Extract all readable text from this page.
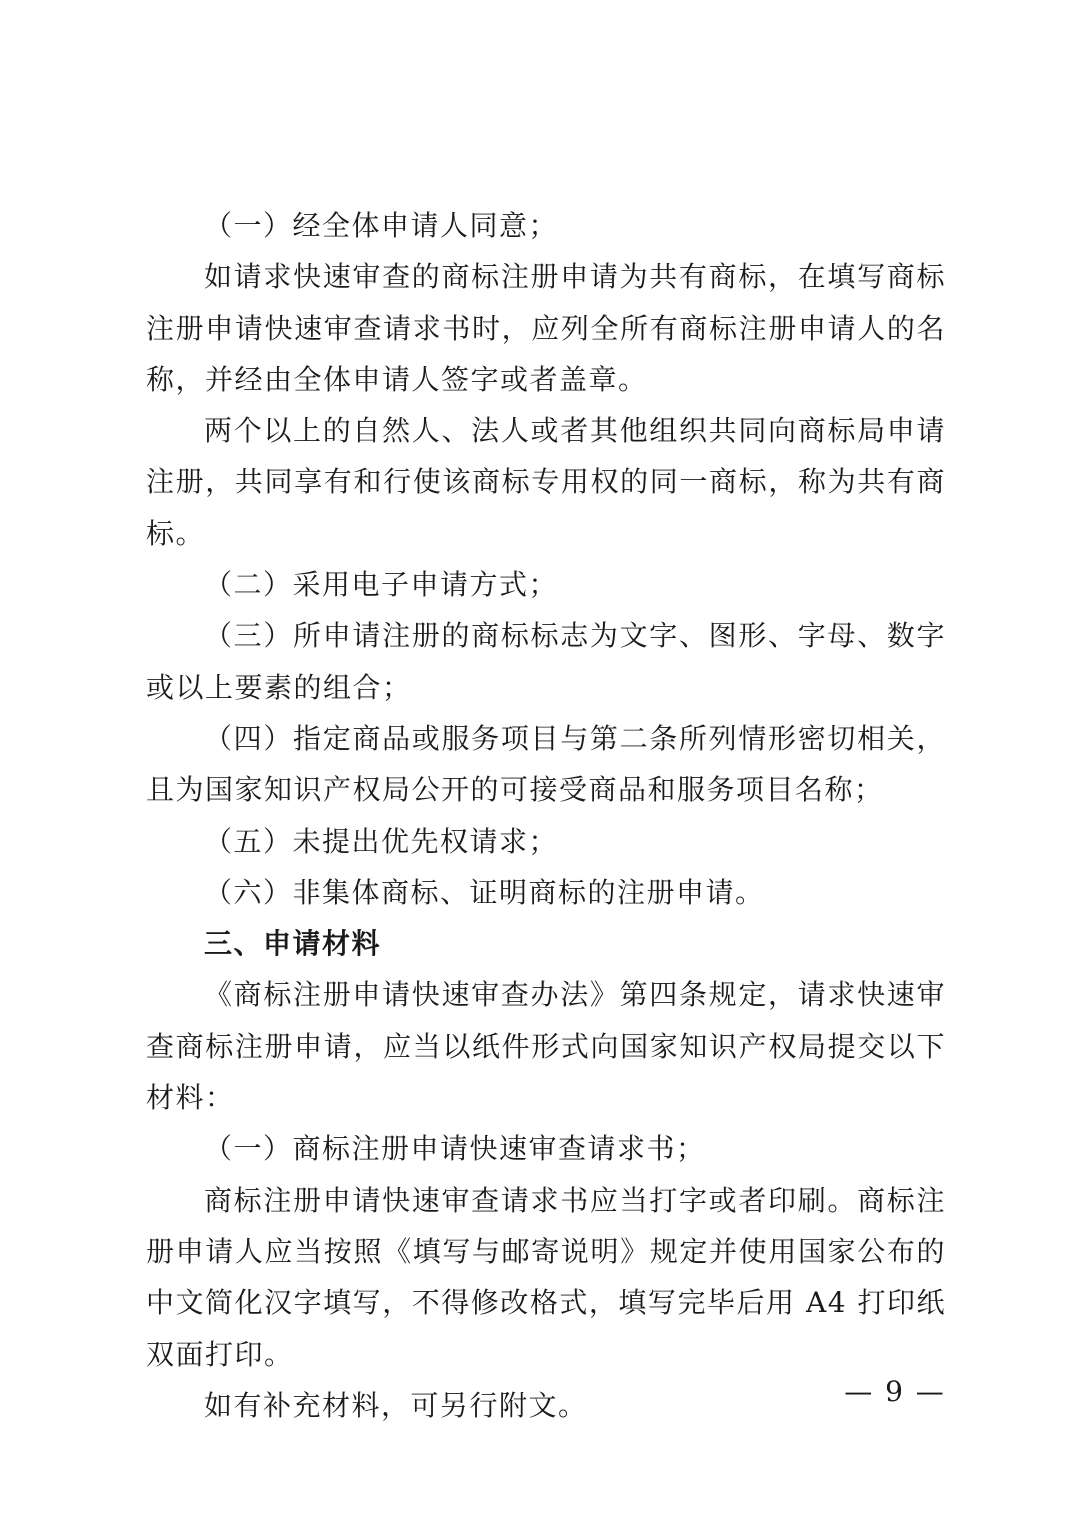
（一）经全体申请人同意；

如请求快速审查的商标注册申请为共有商标，在填写商标注册申请快速审查请求书时，应列全所有商标注册申请人的名称，并经由全体申请人签字或者盖章。

两个以上的自然人、法人或者其他组织共同向商标局申请注册，共同享有和行使该商标专用权的同一商标，称为共有商标。

（二）采用电子申请方式；

（三）所申请注册的商标标志为文字、图形、字母、数字或以上要素的组合；

（四）指定商品或服务项目与第二条所列情形密切相关，且为国家知识产权局公开的可接受商品和服务项目名称；

（五）未提出优先权请求；

（六）非集体商标、证明商标的注册申请。

三、申请材料

《商标注册申请快速审查办法》第四条规定，请求快速审查商标注册申请，应当以纸件形式向国家知识产权局提交以下材料：

（一）商标注册申请快速审查请求书；

商标注册申请快速审查请求书应当打字或者印刷。商标注册申请人应当按照《填写与邮寄说明》规定并使用国家公布的中文简化汉字填写，不得修改格式，填写完毕后用 A4 打印纸双面打印。

如有补充材料，可另行附文。	— 9 —
